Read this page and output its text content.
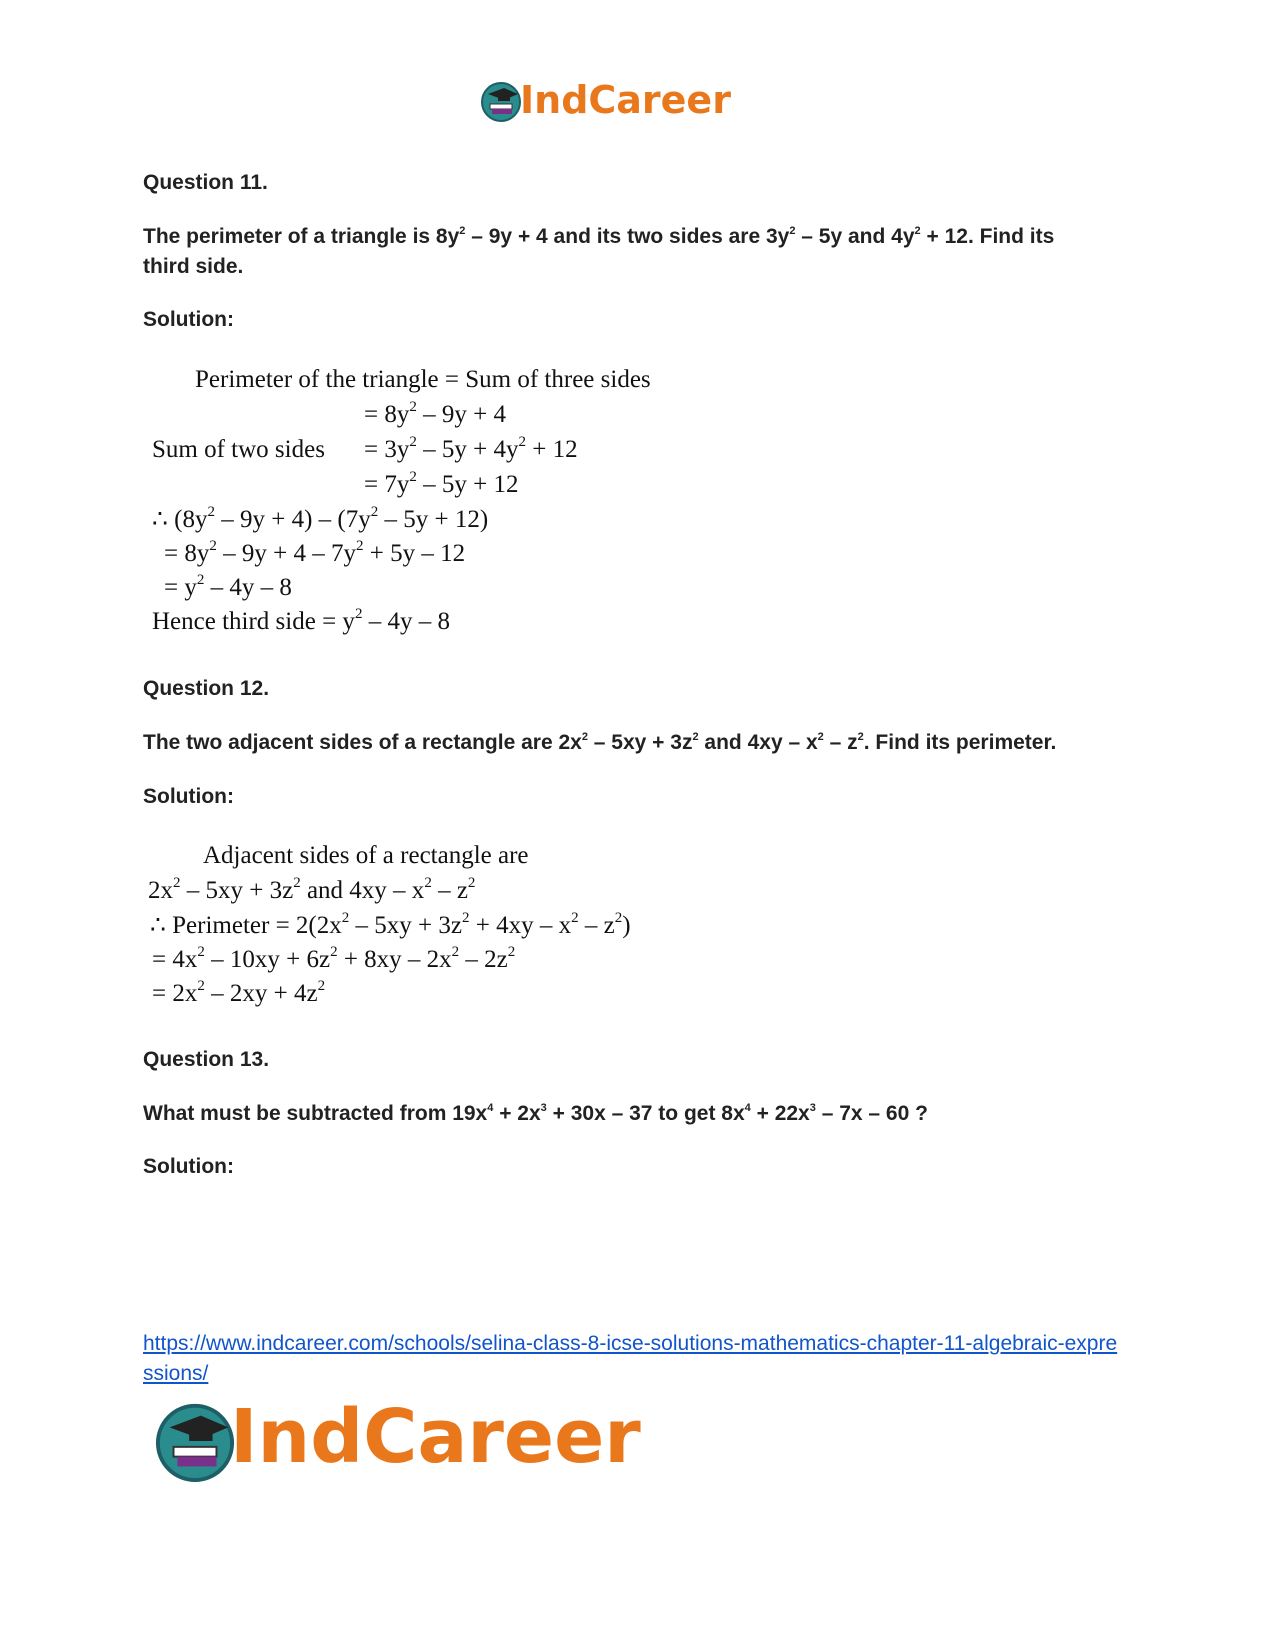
IndCareer
Question 11.
The perimeter of a triangle is $8y^2 - 9y + 4$ and its two sides are $3y^2 - 5y$ and $4y^2 + 12$. Find its third side.
Solution:
Perimeter of the triangle = Sum of three sides
= $8y^2 - 9y + 4$
Sum of two sides = $3y^2 - 5y + 4y^2 + 12$
= $7y^2 - 5y + 12$
∴ $(8y^2 - 9y + 4) - (7y^2 - 5y + 12)$
= $8y^2 - 9y + 4 - 7y^2 + 5y - 12$
= $y^2 - 4y - 8$
Hence third side = $y^2 - 4y - 8$
Question 12.
The two adjacent sides of a rectangle are $2x^2 - 5xy + 3z^2$ and $4xy - x^2 - z^2$. Find its perimeter.
Solution:
Adjacent sides of a rectangle are
$2x^2 - 5xy + 3z^2$ and $4xy - x^2 - z^2$
∴ Perimeter = $2(2x^2 - 5xy + 3z^2 + 4xy - x^2 - z^2)$
= $4x^2 - 10xy + 6z^2 + 8xy - 2x^2 - 2z^2$
= $2x^2 - 2xy + 4z^2$
Question 13.
What must be subtracted from $19x^4 + 2x^3 + 30x - 37$ to get $8x^4 + 22x^3 - 7x - 60$ ?
Solution:
https://www.indcareer.com/schools/selina-class-8-icse-solutions-mathematics-chapter-11-algebraic-expressions/
IndCareer
